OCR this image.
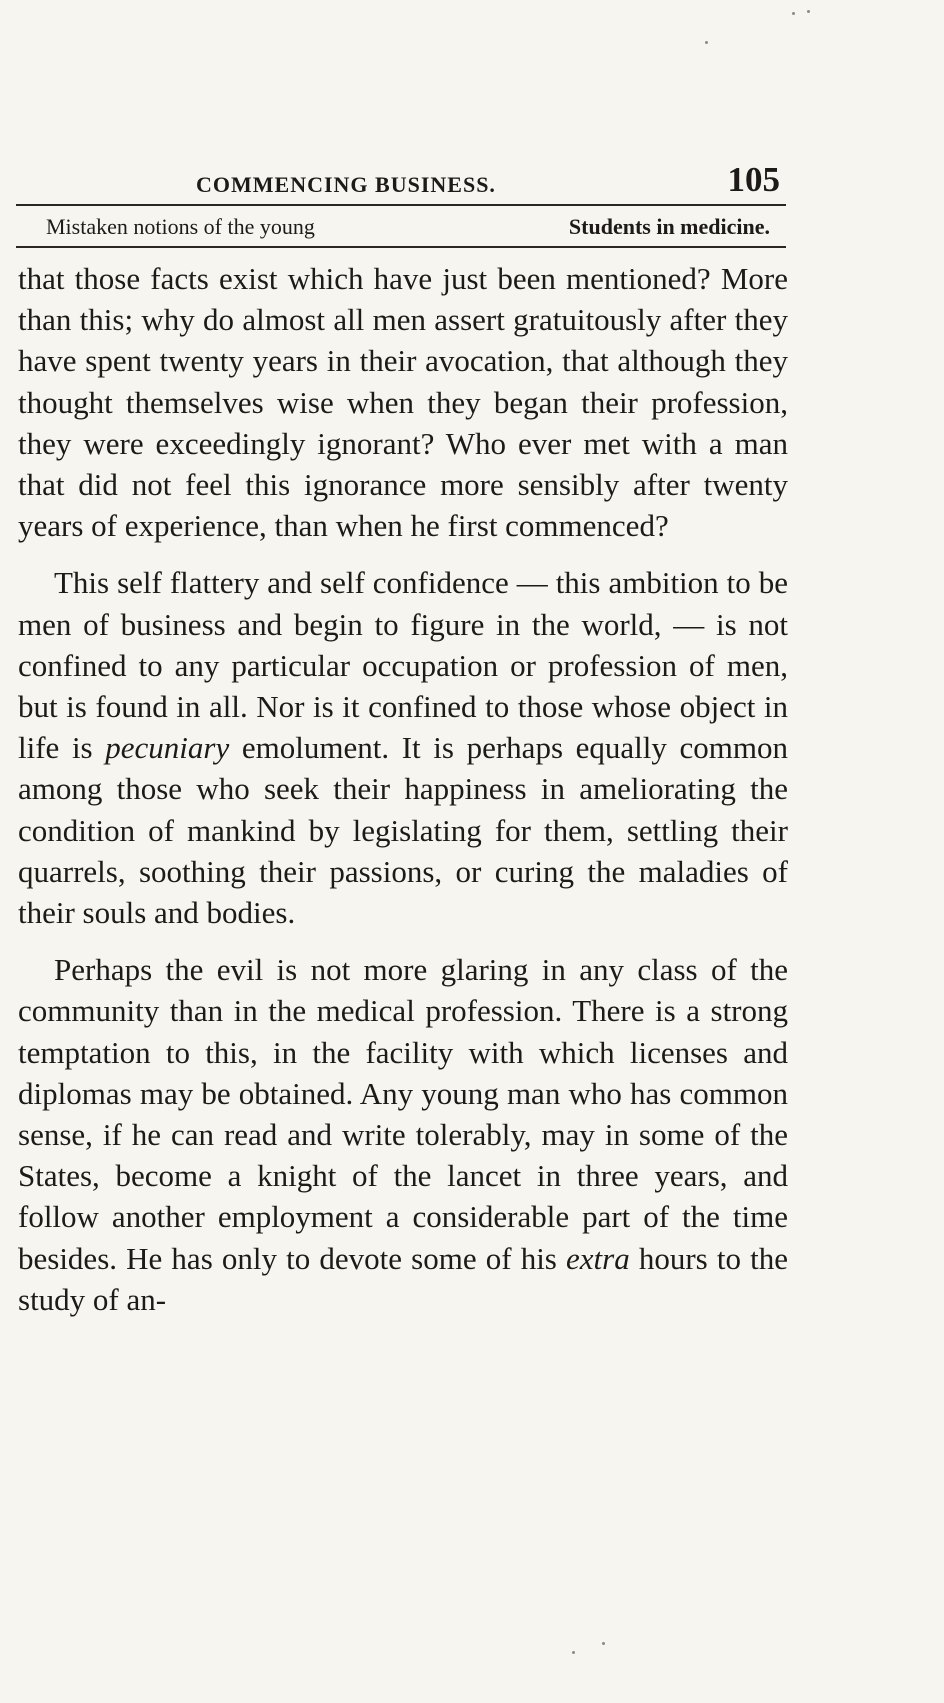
COMMENCING BUSINESS.	105
Mistaken notions of the young	Students in medicine.

that those facts exist which have just been mentioned? More than this; why do almost all men assert gratuitously after they have spent twenty years in their avocation, that although they thought themselves wise when they began their profession, they were exceedingly ignorant? Who ever met with a man that did not feel this ignorance more sensibly after twenty years of experience, than when he first commenced?

This self flattery and self confidence — this ambition to be men of business and begin to figure in the world, — is not confined to any particular occupation or profession of men, but is found in all. Nor is it confined to those whose object in life is pecuniary emolument. It is perhaps equally common among those who seek their happiness in ameliorating the condition of mankind by legislating for them, settling their quarrels, soothing their passions, or curing the maladies of their souls and bodies.

Perhaps the evil is not more glaring in any class of the community than in the medical profession. There is a strong temptation to this, in the facility with which licenses and diplomas may be obtained. Any young man who has common sense, if he can read and write tolerably, may in some of the States, become a knight of the lancet in three years, and follow another employment a considerable part of the time besides. He has only to devote some of his extra hours to the study of an-
